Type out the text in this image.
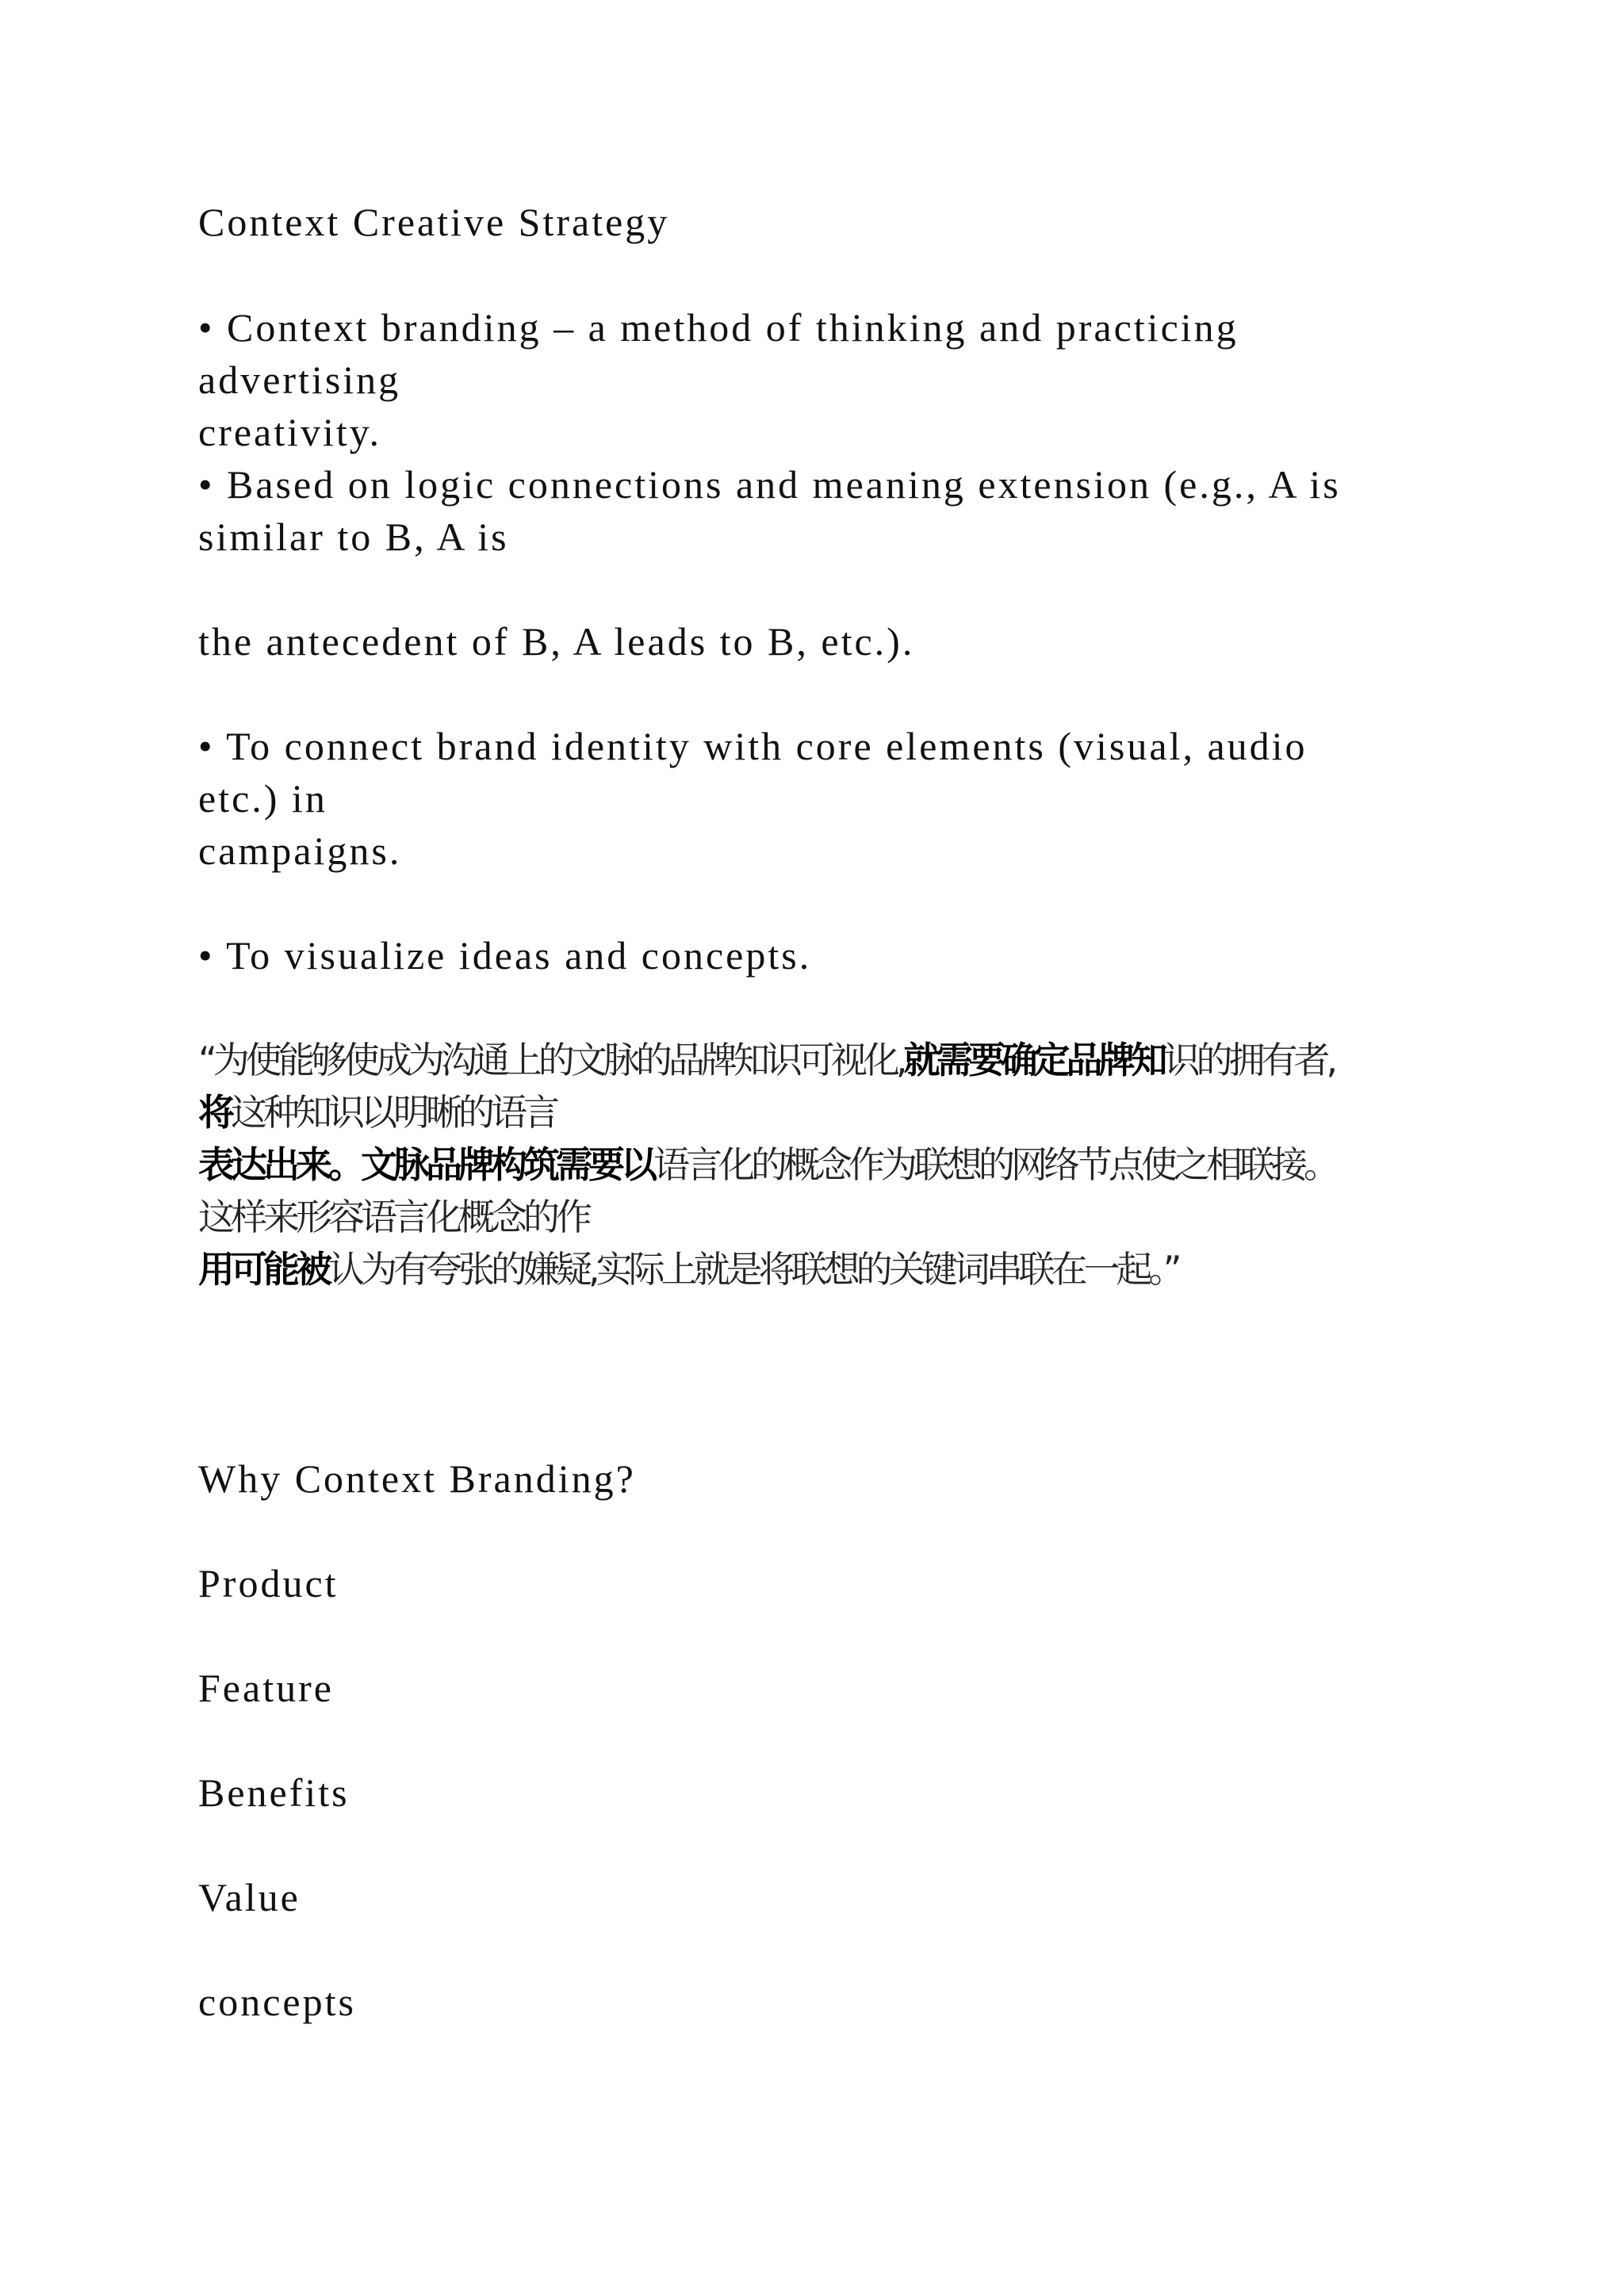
Context Creative Strategy
• Context branding – a method of thinking and practicing
advertising
creativity.
• Based on logic connections and meaning extension (e.g., A is
similar to B, A is
the antecedent of B, A leads to B, etc.).
• To connect brand identity with core elements (visual, audio
etc.) in
campaigns.
• To visualize ideas and concepts.
“为使能够使成为沟通上的文脉的品牌知识可视化,就需要确定品牌知识的拥有者,
将这种知识以明晰的语言
表达出来。文脉品牌构筑需要以语言化的概念作为联想的网络节点使之相联接。
这样来形容语言化概念的作
用可能被认为有夸张的嫌疑,实际上就是将联想的关键词串联在一起。”
Why Context Branding?
Product
Feature
Benefits
Value
concepts
